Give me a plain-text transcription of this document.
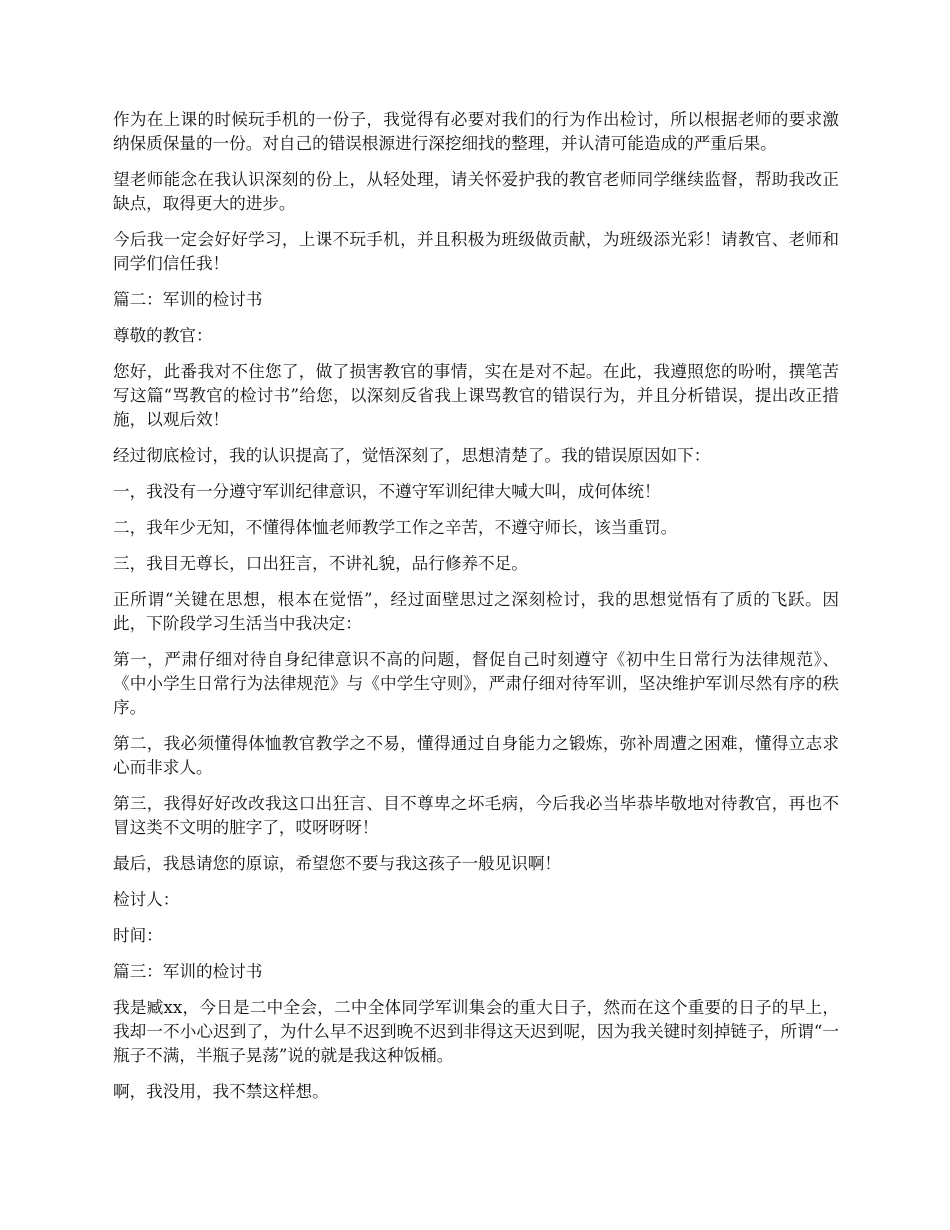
作为在上课的时候玩手机的一份子，我觉得有必要对我们的行为作出检讨，所以根据老师的要求激纳保质保量的一份。对自己的错误根源进行深挖细找的整理，并认清可能造成的严重后果。

望老师能念在我认识深刻的份上，从轻处理，请关怀爱护我的教官老师同学继续监督，帮助我改正缺点，取得更大的进步。

今后我一定会好好学习，上课不玩手机，并且积极为班级做贡献，为班级添光彩！请教官、老师和同学们信任我！

篇二：军训的检讨书

尊敬的教官：

您好，此番我对不住您了，做了损害教官的事情，实在是对不起。在此，我遵照您的吩咐，撰笔苦写这篇“骂教官的检讨书”给您，以深刻反省我上课骂教官的错误行为，并且分析错误，提出改正措施，以观后效！

经过彻底检讨，我的认识提高了，觉悟深刻了，思想清楚了。我的错误原因如下：

一，我没有一分遵守军训纪律意识，不遵守军训纪律大喊大叫，成何体统！

二，我年少无知，不懂得体恤老师教学工作之辛苦，不遵守师长，该当重罚。

三，我目无尊长，口出狂言，不讲礼貌，品行修养不足。

正所谓“关键在思想，根本在觉悟”，经过面壁思过之深刻检讨，我的思想觉悟有了质的飞跃。因此，下阶段学习生活当中我决定：

第一，严肃仔细对待自身纪律意识不高的问题，督促自己时刻遵守《初中生日常行为法律规范》、《中小学生日常行为法律规范》与《中学生守则》，严肃仔细对待军训，坚决维护军训尽然有序的秩序。

第二，我必须懂得体恤教官教学之不易，懂得通过自身能力之锻炼，弥补周遭之困难，懂得立志求心而非求人。

第三，我得好好改改我这口出狂言、目不尊卑之坏毛病，今后我必当毕恭毕敬地对待教官，再也不冒这类不文明的脏字了，哎呀呀呀！

最后，我恳请您的原谅，希望您不要与我这孩子一般见识啊！

检讨人：

时间：

篇三：军训的检讨书

我是臧xx，今日是二中全会，二中全体同学军训集会的重大日子，然而在这个重要的日子的早上，我却一不小心迟到了，为什么早不迟到晚不迟到非得这天迟到呢，因为我关键时刻掉链子，所谓“一瓶子不满，半瓶子晃荡”说的就是我这种饭桶。

啊，我没用，我不禁这样想。
